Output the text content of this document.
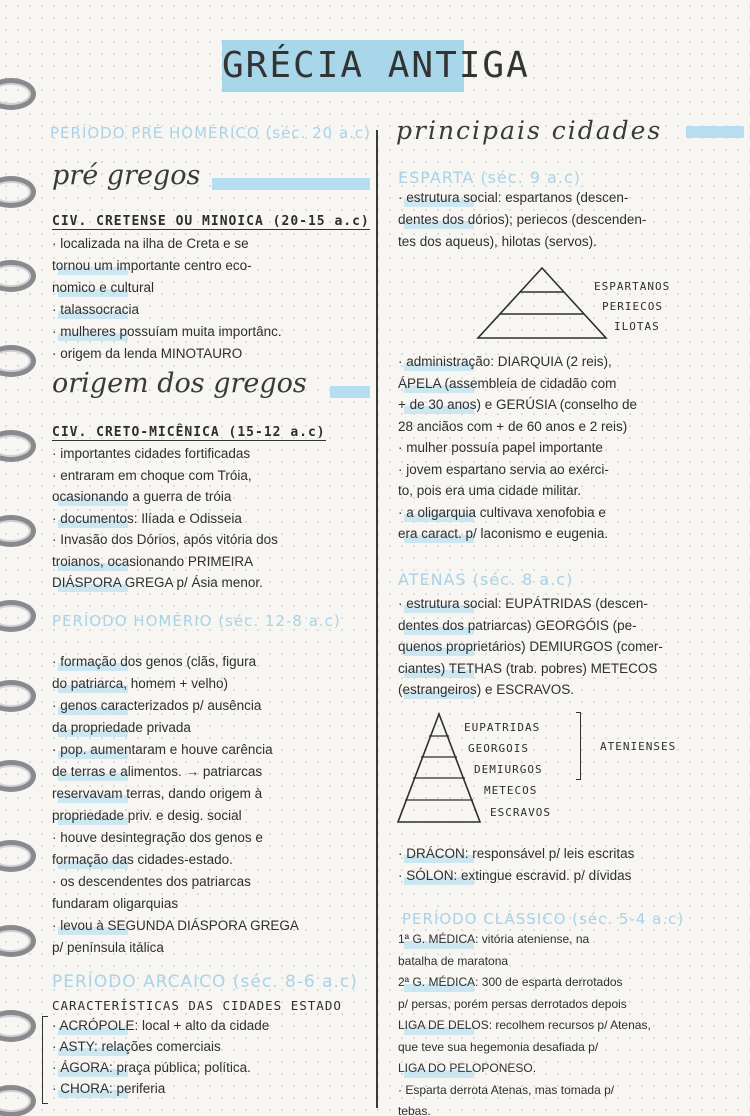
GRÉCIA ANTIGA
PERÍODO PRÉ HOMÉRICO (séc. 20 a.c)
pré gregos
CIV. CRETENSE OU MINOICA (20-15 a.c)
· localizada na ilha de Creta e se
tornou um importante centro eco-
nomico e cultural
· talassocracia
· mulheres possuíam muita importânc.
· origem da lenda MINOTAURO
origem dos gregos
CIV. CRETO-MICÊNICA (15-12 a.c)
· importantes cidades fortificadas
· entraram em choque com Tróia,
ocasionando a guerra de tróia
· documentos: Ilíada e Odisseia
· Invasão dos Dórios, após vitória dos
troianos, ocasionando PRIMEIRA
DIÁSPORA GREGA p/ Ásia menor.
PERÍODO HOMÉRIO (séc. 12-8 a.c)
· formação dos genos (clãs, figura
do patriarca, homem + velho)
· genos caracterizados p/ ausência
da propriedade privada
· pop. aumentaram e houve carência
de terras e alimentos. → patriarcas
reservavam terras, dando origem à
propriedade priv. e desig. social
· houve desintegração dos genos e
formação das cidades-estado.
· os descendentes dos patriarcas
fundaram oligarquias
· levou à SEGUNDA DIÁSPORA GREGA
p/ península itálica
PERÍODO ARCAICO (séc. 8-6 a.c)
CARACTERÍSTICAS DAS CIDADES ESTADO
· ACRÓPOLE: local + alto da cidade
· ASTY: relações comerciais
· ÁGORA: praça pública; política.
· CHORA: periferia
principais cidades
ESPARTA (séc. 9 a.c)
· estrutura social: espartanos (descen-
dentes dos dórios); periecos (descenden-
tes dos aqueus), hilotas (servos).
ESPARTANOS
PERIECOS
ILOTAS
· administração: DIARQUIA (2 reis),
ÁPELA (assembleia de cidadão com
+ de 30 anos) e GERÚSIA (conselho de
28 anciãos com + de 60 anos e 2 reis)
· mulher possuía papel importante
· jovem espartano servia ao exérci-
to, pois era uma cidade militar.
· a oligarquia cultivava xenofobia e
era caract. p/ laconismo e eugenia.
ATENAS (séc. 8 a.c)
· estrutura social: EUPÁTRIDAS (descen-
dentes dos patriarcas) GEORGÓIS (pe-
quenos proprietários) DEMIURGOS (comer-
ciantes) TETHAS (trab. pobres) METECOS
(estrangeiros) e ESCRAVOS.
EUPATRIDAS
GEORGOIS
DEMIURGOS
METECOS
ESCRAVOS
ATENIENSES
· DRÁCON: responsável p/ leis escritas
· SÓLON: extingue escravid. p/ dívidas
PERÍODO CLÁSSICO (séc. 5-4 a.c)
1ª G. MÉDICA: vitória ateniense, na
batalha de maratona
2ª G. MÉDICA: 300 de esparta derrotados
p/ persas, porém persas derrotados depois
LIGA DE DELOS: recolhem recursos p/ Atenas,
que teve sua hegemonia desafiada p/
LIGA DO PELOPONESO.
· Esparta derrota Atenas, mas tomada p/
tebas.
